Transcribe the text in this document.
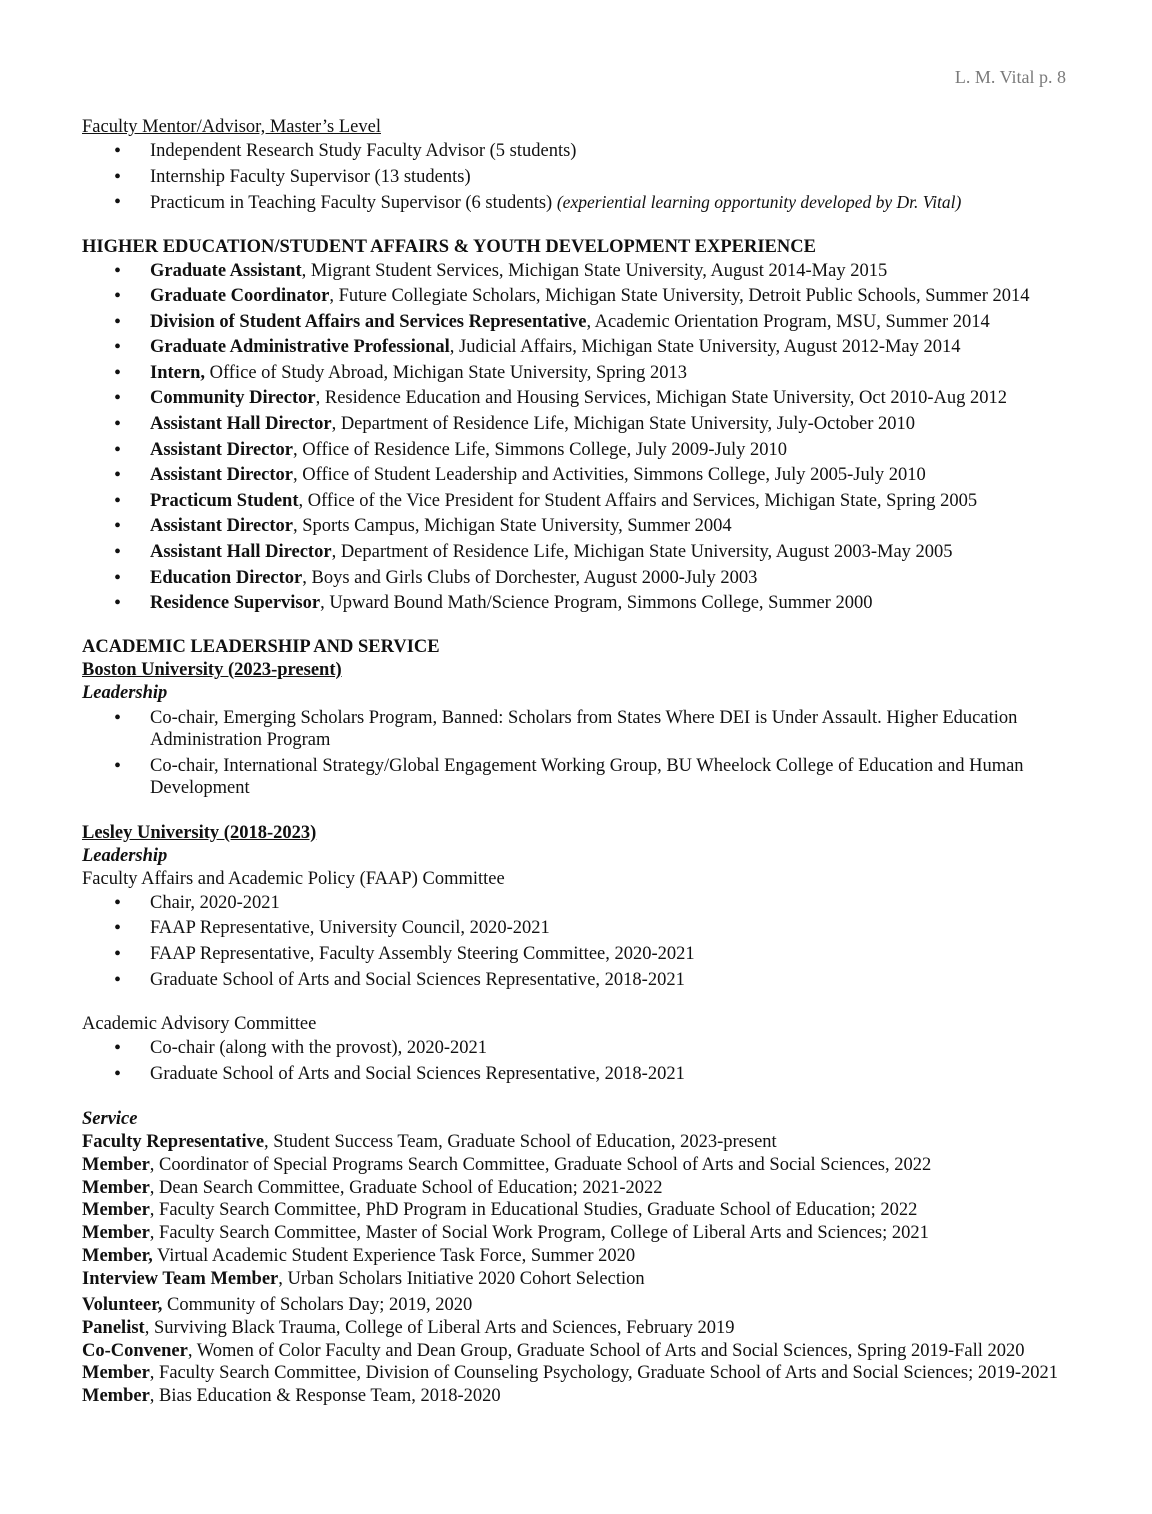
L. M. Vital p. 8
Faculty Mentor/Advisor, Master’s Level
• Independent Research Study Faculty Advisor (5 students)
• Internship Faculty Supervisor (13 students)
• Practicum in Teaching Faculty Supervisor (6 students) (experiential learning opportunity developed by Dr. Vital)
HIGHER EDUCATION/STUDENT AFFAIRS & YOUTH DEVELOPMENT EXPERIENCE
• Graduate Assistant, Migrant Student Services, Michigan State University, August 2014-May 2015
• Graduate Coordinator, Future Collegiate Scholars, Michigan State University, Detroit Public Schools, Summer 2014
• Division of Student Affairs and Services Representative, Academic Orientation Program, MSU, Summer 2014
• Graduate Administrative Professional, Judicial Affairs, Michigan State University, August 2012-May 2014
• Intern, Office of Study Abroad, Michigan State University, Spring 2013
• Community Director, Residence Education and Housing Services, Michigan State University, Oct 2010-Aug 2012
• Assistant Hall Director, Department of Residence Life, Michigan State University, July-October 2010
• Assistant Director, Office of Residence Life, Simmons College, July 2009-July 2010
• Assistant Director, Office of Student Leadership and Activities, Simmons College, July 2005-July 2010
• Practicum Student, Office of the Vice President for Student Affairs and Services, Michigan State, Spring 2005
• Assistant Director, Sports Campus, Michigan State University, Summer 2004
• Assistant Hall Director, Department of Residence Life, Michigan State University, August 2003-May 2005
• Education Director, Boys and Girls Clubs of Dorchester, August 2000-July 2003
• Residence Supervisor, Upward Bound Math/Science Program, Simmons College, Summer 2000
ACADEMIC LEADERSHIP AND SERVICE
Boston University (2023-present)
Leadership
• Co-chair, Emerging Scholars Program, Banned: Scholars from States Where DEI is Under Assault. Higher Education Administration Program
• Co-chair, International Strategy/Global Engagement Working Group, BU Wheelock College of Education and Human Development
Lesley University (2018-2023)
Leadership
Faculty Affairs and Academic Policy (FAAP) Committee
• Chair, 2020-2021
• FAAP Representative, University Council, 2020-2021
• FAAP Representative, Faculty Assembly Steering Committee, 2020-2021
• Graduate School of Arts and Social Sciences Representative, 2018-2021
Academic Advisory Committee
• Co-chair (along with the provost), 2020-2021
• Graduate School of Arts and Social Sciences Representative, 2018-2021
Service
Faculty Representative, Student Success Team, Graduate School of Education, 2023-present
Member, Coordinator of Special Programs Search Committee, Graduate School of Arts and Social Sciences, 2022
Member, Dean Search Committee, Graduate School of Education; 2021-2022
Member, Faculty Search Committee, PhD Program in Educational Studies, Graduate School of Education; 2022
Member, Faculty Search Committee, Master of Social Work Program, College of Liberal Arts and Sciences; 2021
Member, Virtual Academic Student Experience Task Force, Summer 2020
Interview Team Member, Urban Scholars Initiative 2020 Cohort Selection
Volunteer, Community of Scholars Day; 2019, 2020
Panelist, Surviving Black Trauma, College of Liberal Arts and Sciences, February 2019
Co-Convener, Women of Color Faculty and Dean Group, Graduate School of Arts and Social Sciences, Spring 2019-Fall 2020
Member, Faculty Search Committee, Division of Counseling Psychology, Graduate School of Arts and Social Sciences; 2019-2021
Member, Bias Education & Response Team, 2018-2020
